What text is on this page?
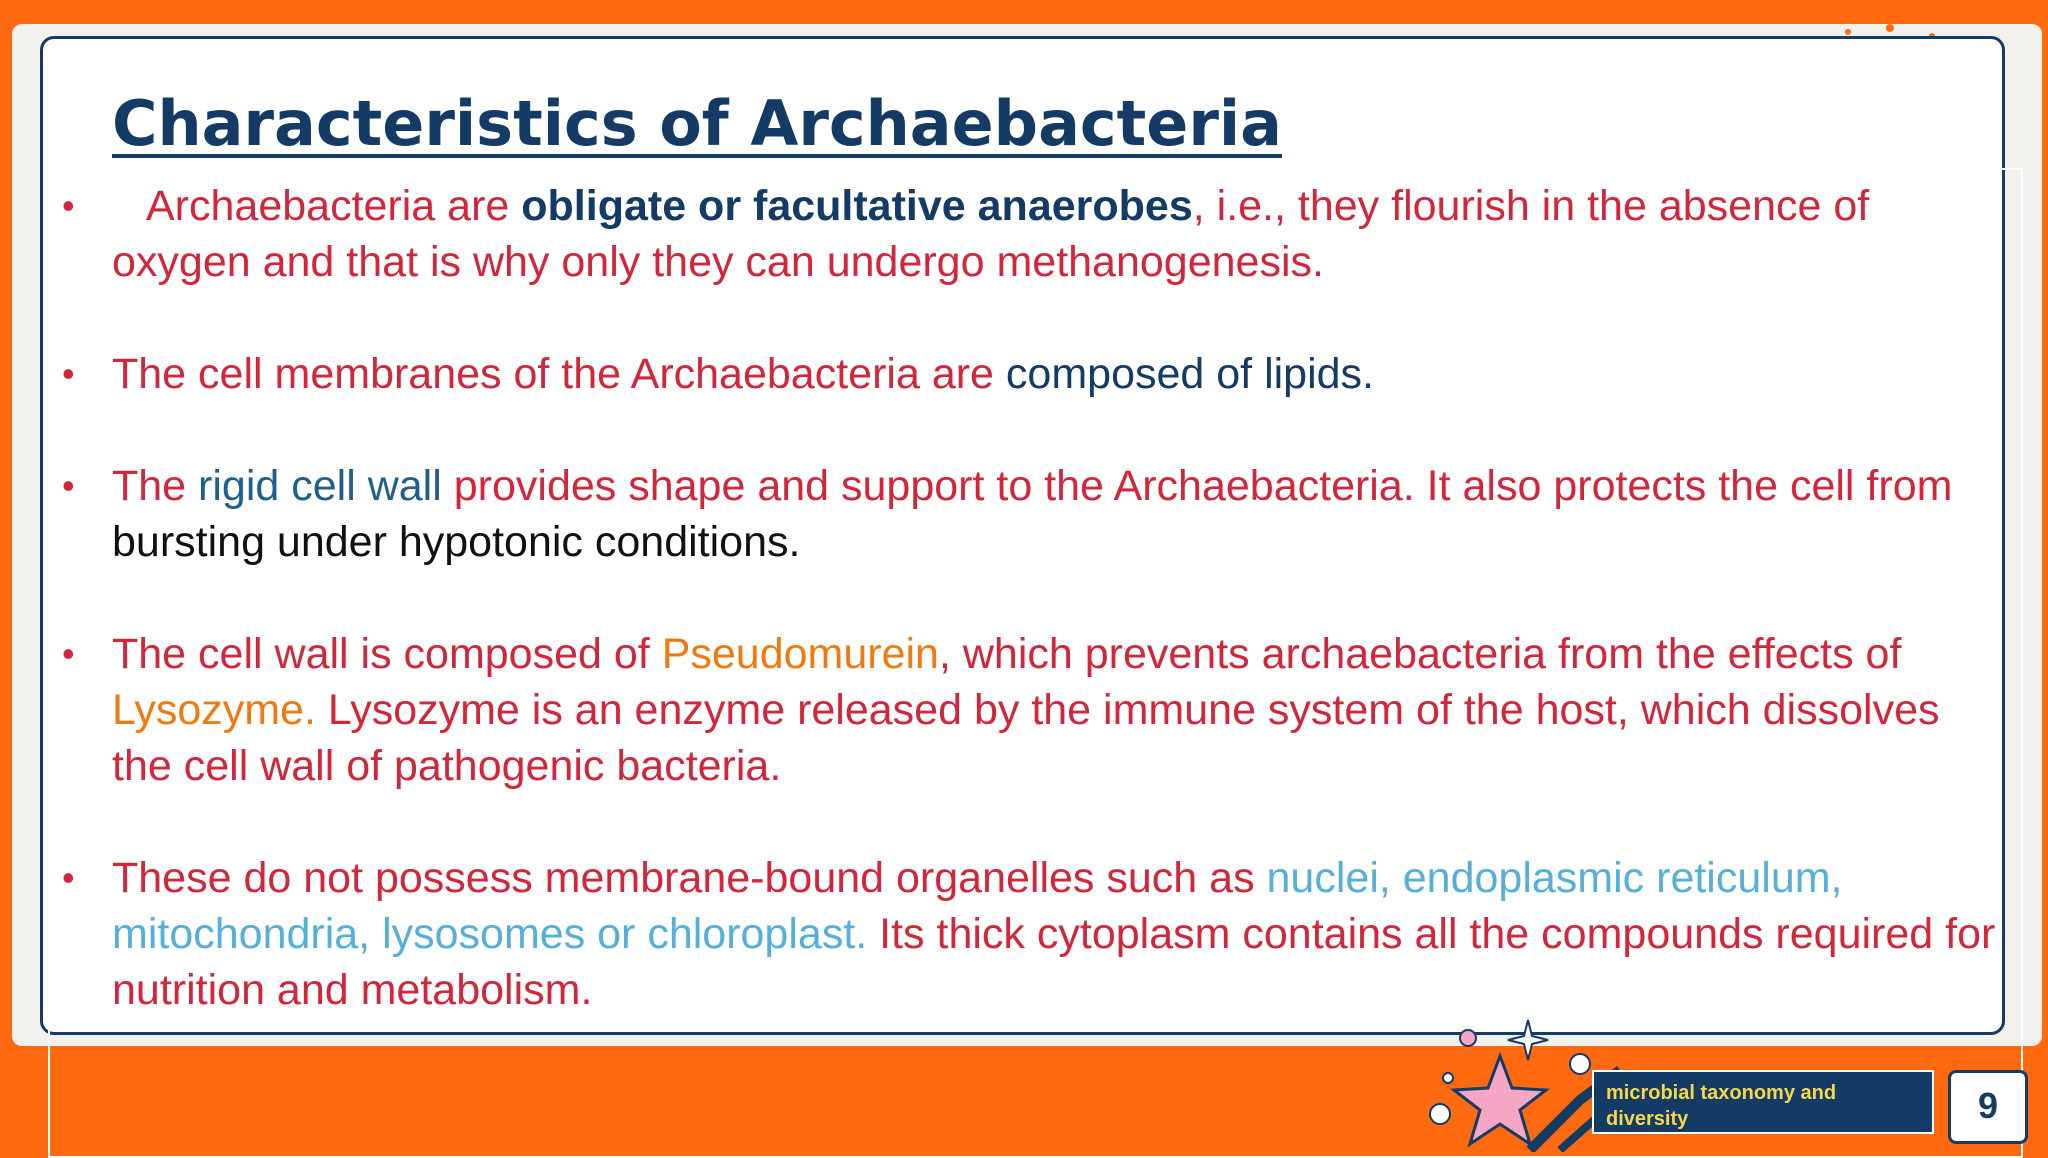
Characteristics of Archaebacteria
• Archaebacteria are obligate or facultative anaerobes, i.e., they flourish in the absence of oxygen and that is why only they can undergo methanogenesis.
• The cell membranes of the Archaebacteria are composed of lipids.
• The rigid cell wall provides shape and support to the Archaebacteria. It also protects the cell from bursting under hypotonic conditions.
• The cell wall is composed of Pseudomurein, which prevents archaebacteria from the effects of Lysozyme. Lysozyme is an enzyme released by the immune system of the host, which dissolves the cell wall of pathogenic bacteria.
• These do not possess membrane-bound organelles such as nuclei, endoplasmic reticulum, mitochondria, lysosomes or chloroplast. Its thick cytoplasm contains all the compounds required for nutrition and metabolism.
microbial taxonomy and diversity	9
